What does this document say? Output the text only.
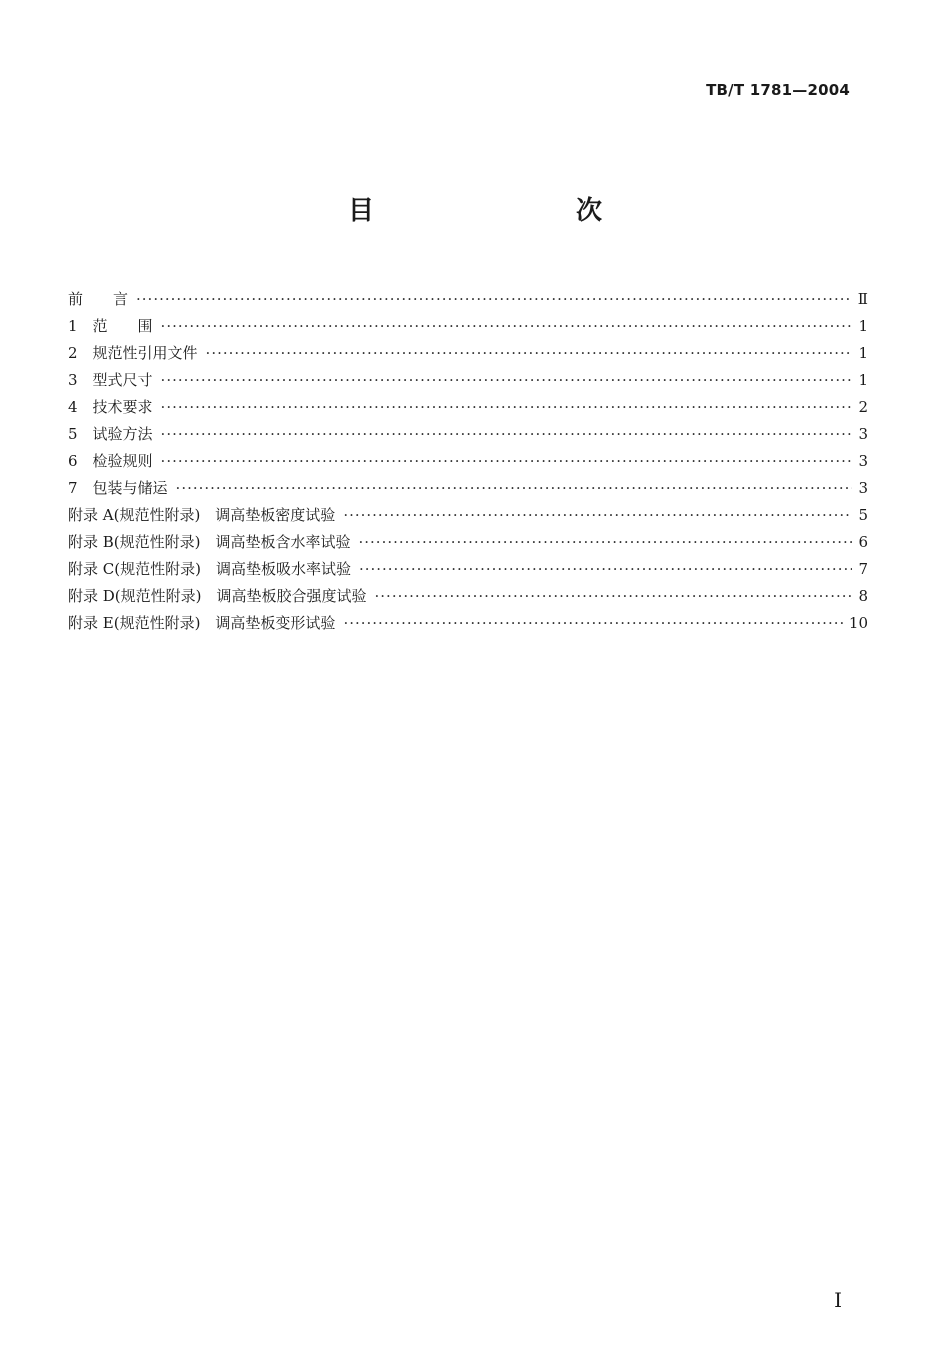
TB/T 1781—2004
目　　次
前　　言 ·····	Ⅱ
1　范　　围 ·····	1
2　规范性引用文件 ·····	1
3　型式尺寸 ·····	1
4　技术要求 ·····	2
5　试验方法 ·····	3
6　检验规则 ·····	3
7　包装与储运 ·····	3
附录 A(规范性附录)　调高垫板密度试验 ·····	5
附录 B(规范性附录)　调高垫板含水率试验 ·····	6
附录 C(规范性附录)　调高垫板吸水率试验 ·····	7
附录 D(规范性附录)　调高垫板胶合强度试验 ·····	8
附录 E(规范性附录)　调高垫板变形试验 ·····	10
I
